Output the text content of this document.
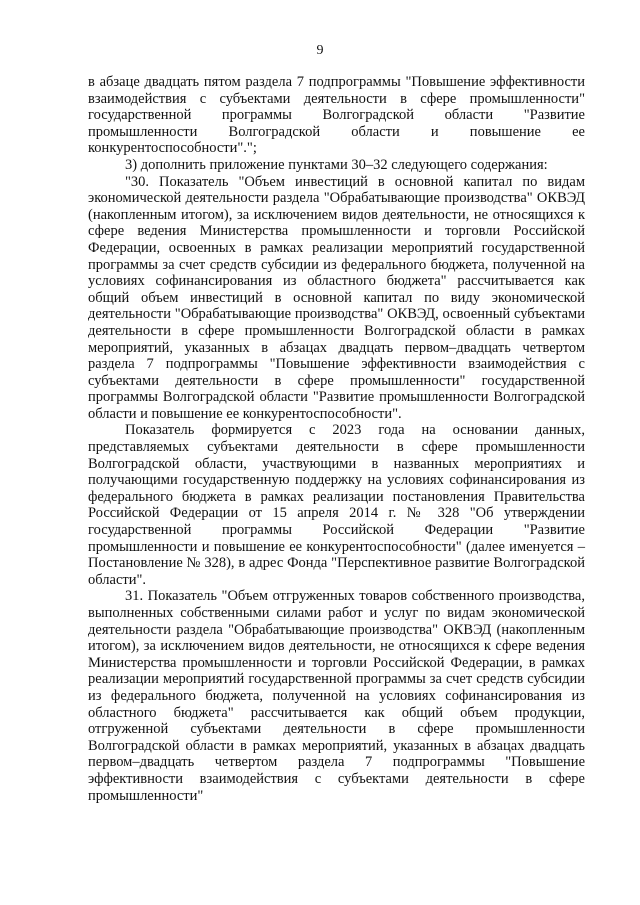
9

в абзаце двадцать пятом раздела 7 подпрограммы "Повышение эффективности взаимодействия с субъектами деятельности в сфере промышленности" государственной программы Волгоградской области "Развитие промышленности Волгоградской области и повышение ее конкурентоспособности".";

3) дополнить приложение пунктами 30–32 следующего содержания:

"30. Показатель "Объем инвестиций в основной капитал по видам экономической деятельности раздела "Обрабатывающие производства" ОКВЭД (накопленным итогом), за исключением видов деятельности, не относящихся к сфере ведения Министерства промышленности и торговли Российской Федерации, освоенных в рамках реализации мероприятий государственной программы за счет средств субсидии из федерального бюджета, полученной на условиях софинансирования из областного бюджета" рассчитывается как общий объем инвестиций в основной капитал по виду экономической деятельности "Обрабатывающие производства" ОКВЭД, освоенный субъектами деятельности в сфере промышленности Волгоградской области в рамках мероприятий, указанных в абзацах двадцать первом–двадцать четвертом раздела 7 подпрограммы "Повышение эффективности взаимодействия с субъектами деятельности в сфере промышленности" государственной программы Волгоградской области "Развитие промышленности Волгоградской области и повышение ее конкурентоспособности".

Показатель формируется с 2023 года на основании данных, представляемых субъектами деятельности в сфере промышленности Волгоградской области, участвующими в названных мероприятиях и получающими государственную поддержку на условиях софинансирования из федерального бюджета в рамках реализации постановления Правительства Российской Федерации от 15 апреля 2014 г. № 328 "Об утверждении государственной программы Российской Федерации "Развитие промышленности и повышение ее конкурентоспособности" (далее именуется – Постановление № 328), в адрес Фонда "Перспективное развитие Волгоградской области".

31. Показатель "Объем отгруженных товаров собственного производства, выполненных собственными силами работ и услуг по видам экономической деятельности раздела "Обрабатывающие производства" ОКВЭД (накопленным итогом), за исключением видов деятельности, не относящихся к сфере ведения Министерства промышленности и торговли Российской Федерации, в рамках реализации мероприятий государственной программы за счет средств субсидии из федерального бюджета, полученной на условиях софинансирования из областного бюджета" рассчитывается как общий объем продукции, отгруженной субъектами деятельности в сфере промышленности Волгоградской области в рамках мероприятий, указанных в абзацах двадцать первом–двадцать четвертом раздела 7 подпрограммы "Повышение эффективности взаимодействия с субъектами деятельности в сфере промышленности"
